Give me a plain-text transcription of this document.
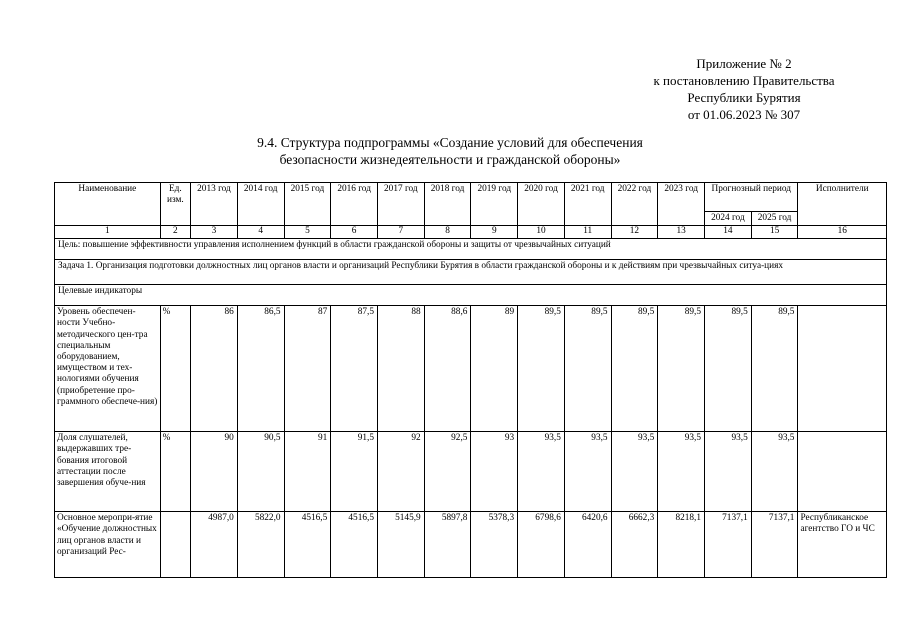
Приложение № 2
к постановлению Правительства
Республики Бурятия
от 01.06.2023 № 307
9.4. Структура подпрограммы «Создание условий для обеспечения
безопасности жизнедеятельности и гражданской обороны»
Наименование	Ед. изм.	2013 год	2014 год	2015 год	2016 год	2017 год	2018 год	2019 год	2020 год	2021 год	2022 год	2023 год	Прогнозный период		Исполнители
													2024 год	2025 год	
1	2	3	4	5	6	7	8	9	10	11	12	13	14	15	16
Цель: повышение эффективности управления исполнением функций в области гражданской обороны и защиты от чрезвычайных ситуаций															
Задача 1. Организация подготовки должностных лиц органов власти и организаций Республики Бурятия в области гражданской обороны и к действиям при чрезвычайных ситуа-циях															
Целевые индикаторы															
Уровень обеспечен-ности Учебно-методического цен-тра специальным оборудованием, имуществом и тех-нологиями обучения (приобретение про-граммного обеспече-ния)	%	86	86,5	87	87,5	88	88,6	89	89,5	89,5	89,5	89,5	89,5	89,5	
Доля слушателей, выдержавших тре-бования итоговой аттестации после завершения обуче-ния	%	90	90,5	91	91,5	92	92,5	93	93,5	93,5	93,5	93,5	93,5	93,5	
Основное меропри-ятие «Обучение должностных лиц органов власти и организаций Рес-		4987,0	5822,0	4516,5	4516,5	5145,9	5897,8	5378,3	6798,6	6420,6	6662,3	8218,1	7137,1	7137,1	Республиканское агентство ГО и ЧС
